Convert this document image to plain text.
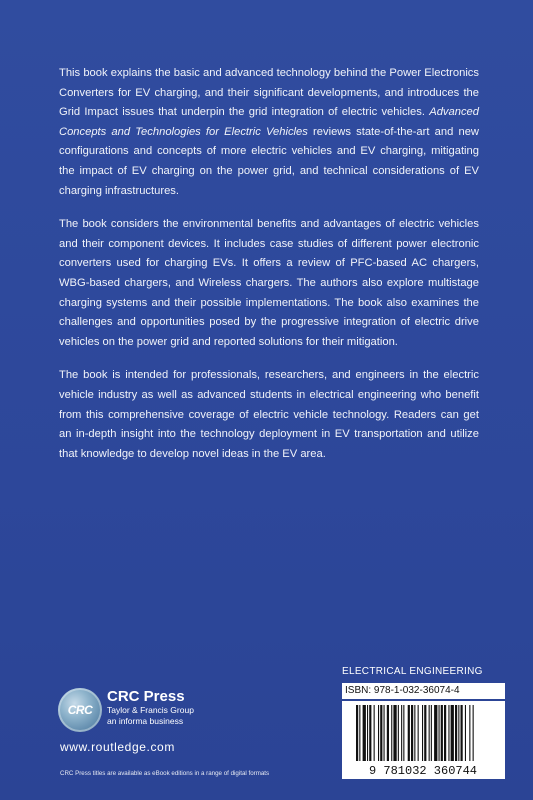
This book explains the basic and advanced technology behind the Power Electronics Converters for EV charging, and their significant developments, and introduces the Grid Impact issues that underpin the grid integration of electric vehicles. Advanced Concepts and Technologies for Electric Vehicles reviews state-of-the-art and new configurations and concepts of more electric vehicles and EV charging, mitigating the impact of EV charging on the power grid, and technical considerations of EV charging infrastructures.

The book considers the environmental benefits and advantages of electric vehicles and their component devices. It includes case studies of different power electronic converters used for charging EVs. It offers a review of PFC-based AC chargers, WBG-based chargers, and Wireless chargers. The authors also explore multistage charging systems and their possible implementations. The book also examines the challenges and opportunities posed by the progressive integration of electric drive vehicles on the power grid and reported solutions for their mitigation.

The book is intended for professionals, researchers, and engineers in the electric vehicle industry as well as advanced students in electrical engineering who benefit from this comprehensive coverage of electric vehicle technology. Readers can get an in-depth insight into the technology deployment in EV transportation and utilize that knowledge to develop novel ideas in the EV area.

CRC
CRC Press
Taylor & Francis Group
an informa business
www.routledge.com
CRC Press titles are available as eBook editions in a range of digital formats
ELECTRICAL ENGINEERING
ISBN: 978-1-032-36074-4
9 781032 360744
